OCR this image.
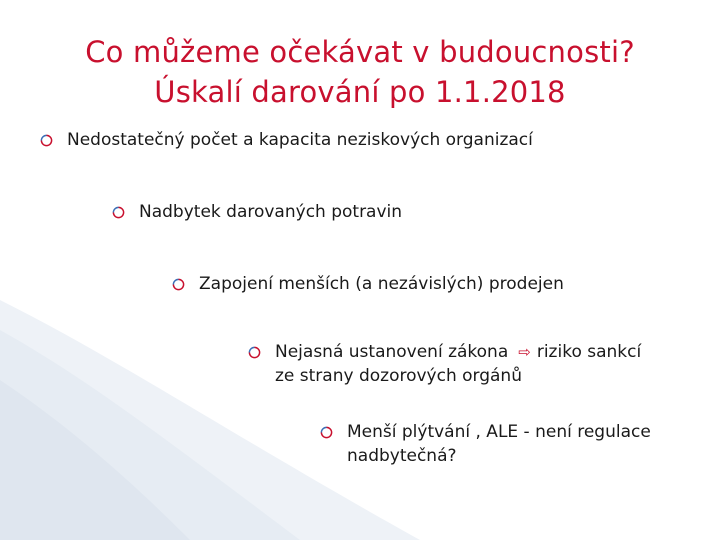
Co můžeme očekávat v budoucnosti?
Úskalí darování po 1.1.2018
Nedostatečný počet a kapacita neziskových organizací
Nadbytek darovaných potravin
Zapojení menších (a nezávislých) prodejen
Nejasná ustanovení zákona ⇨ riziko sankcí
ze strany dozorových orgánů
Menší plýtvání , ALE - není regulace
nadbytečná?
